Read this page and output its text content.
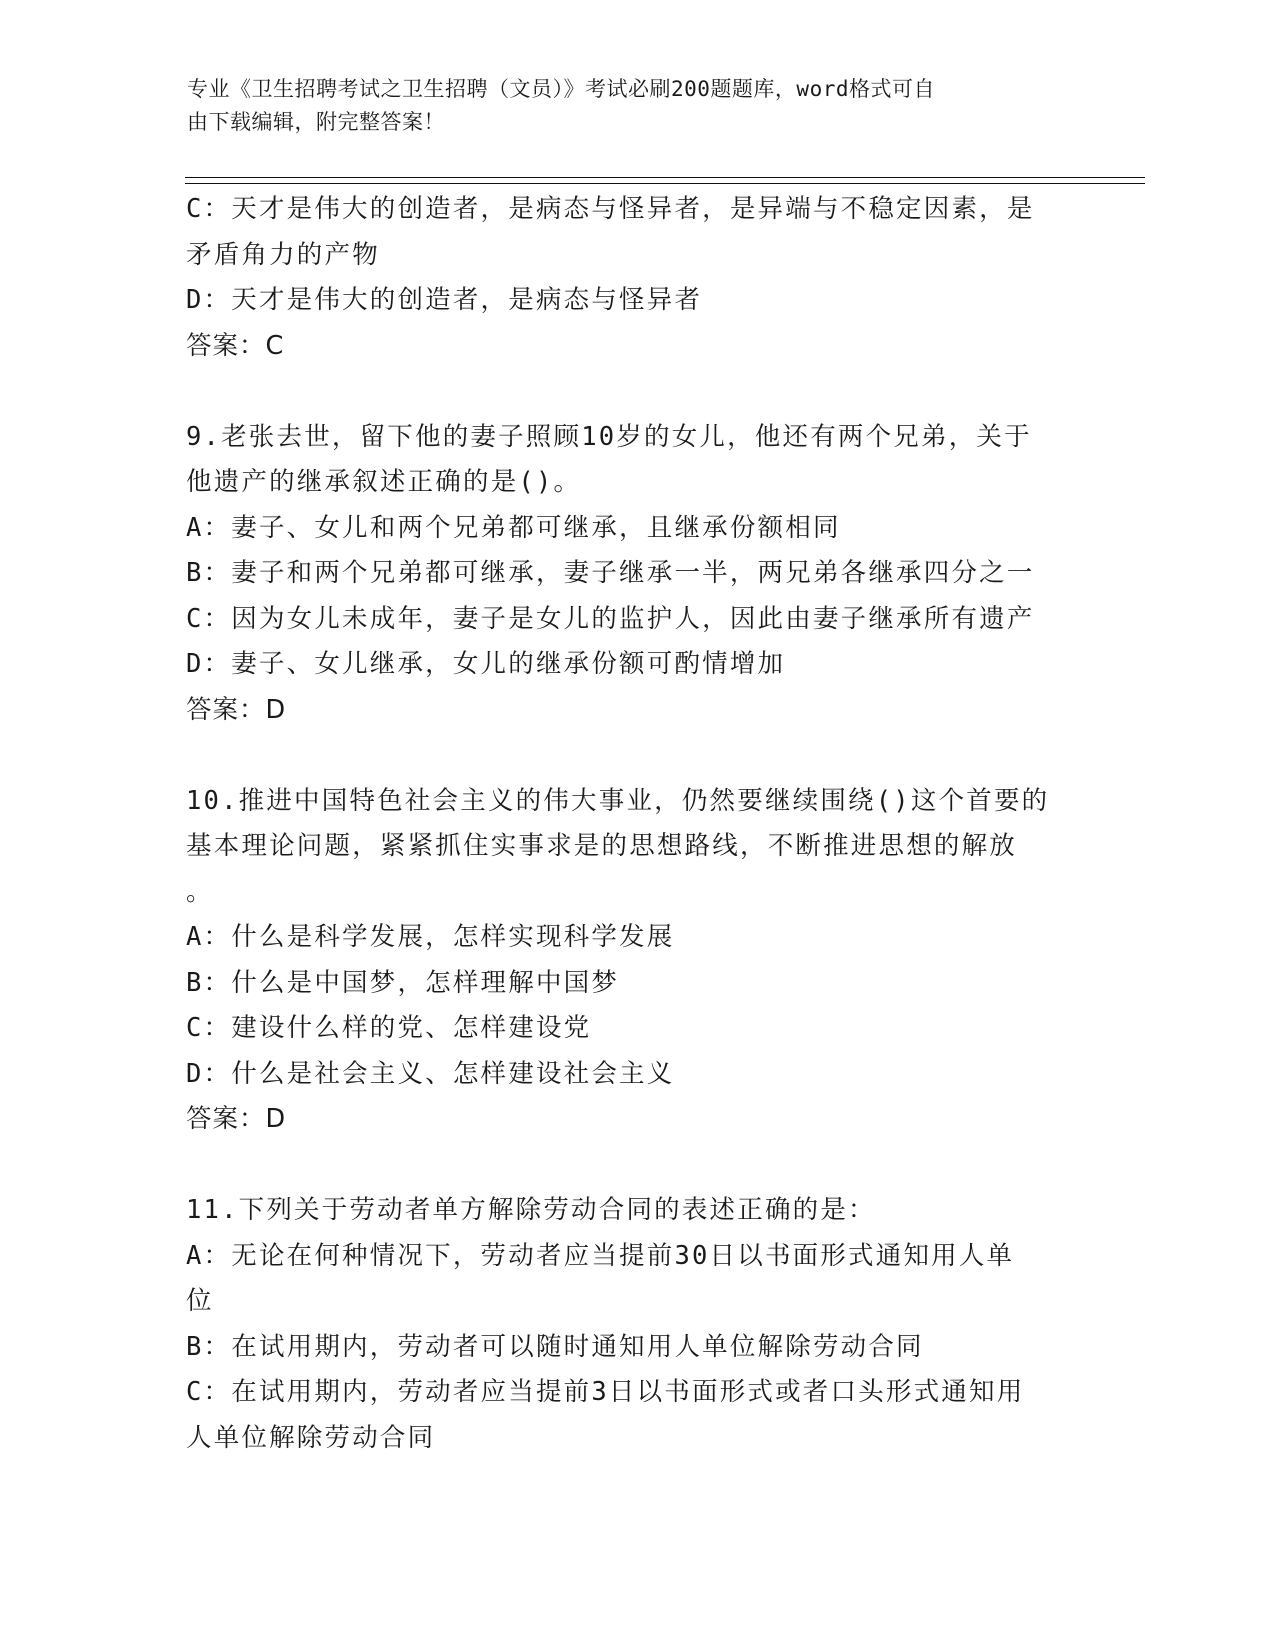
专业《卫生招聘考试之卫生招聘（文员）》考试必刷200题题库，word格式可自
由下载编辑，附完整答案！
C：天才是伟大的创造者，是病态与怪异者，是异端与不稳定因素，是
矛盾角力的产物
D：天才是伟大的创造者，是病态与怪异者
答案：C
9.老张去世，留下他的妻子照顾10岁的女儿，他还有两个兄弟，关于
他遗产的继承叙述正确的是()。
A：妻子、女儿和两个兄弟都可继承，且继承份额相同
B：妻子和两个兄弟都可继承，妻子继承一半，两兄弟各继承四分之一
C：因为女儿未成年，妻子是女儿的监护人，因此由妻子继承所有遗产
D：妻子、女儿继承，女儿的继承份额可酌情增加
答案：D
10.推进中国特色社会主义的伟大事业，仍然要继续围绕()这个首要的
基本理论问题，紧紧抓住实事求是的思想路线，不断推进思想的解放
。
A：什么是科学发展，怎样实现科学发展
B：什么是中国梦，怎样理解中国梦
C：建设什么样的党、怎样建设党
D：什么是社会主义、怎样建设社会主义
答案：D
11.下列关于劳动者单方解除劳动合同的表述正确的是：
A：无论在何种情况下，劳动者应当提前30日以书面形式通知用人单
位
B：在试用期内，劳动者可以随时通知用人单位解除劳动合同
C：在试用期内，劳动者应当提前3日以书面形式或者口头形式通知用
人单位解除劳动合同
